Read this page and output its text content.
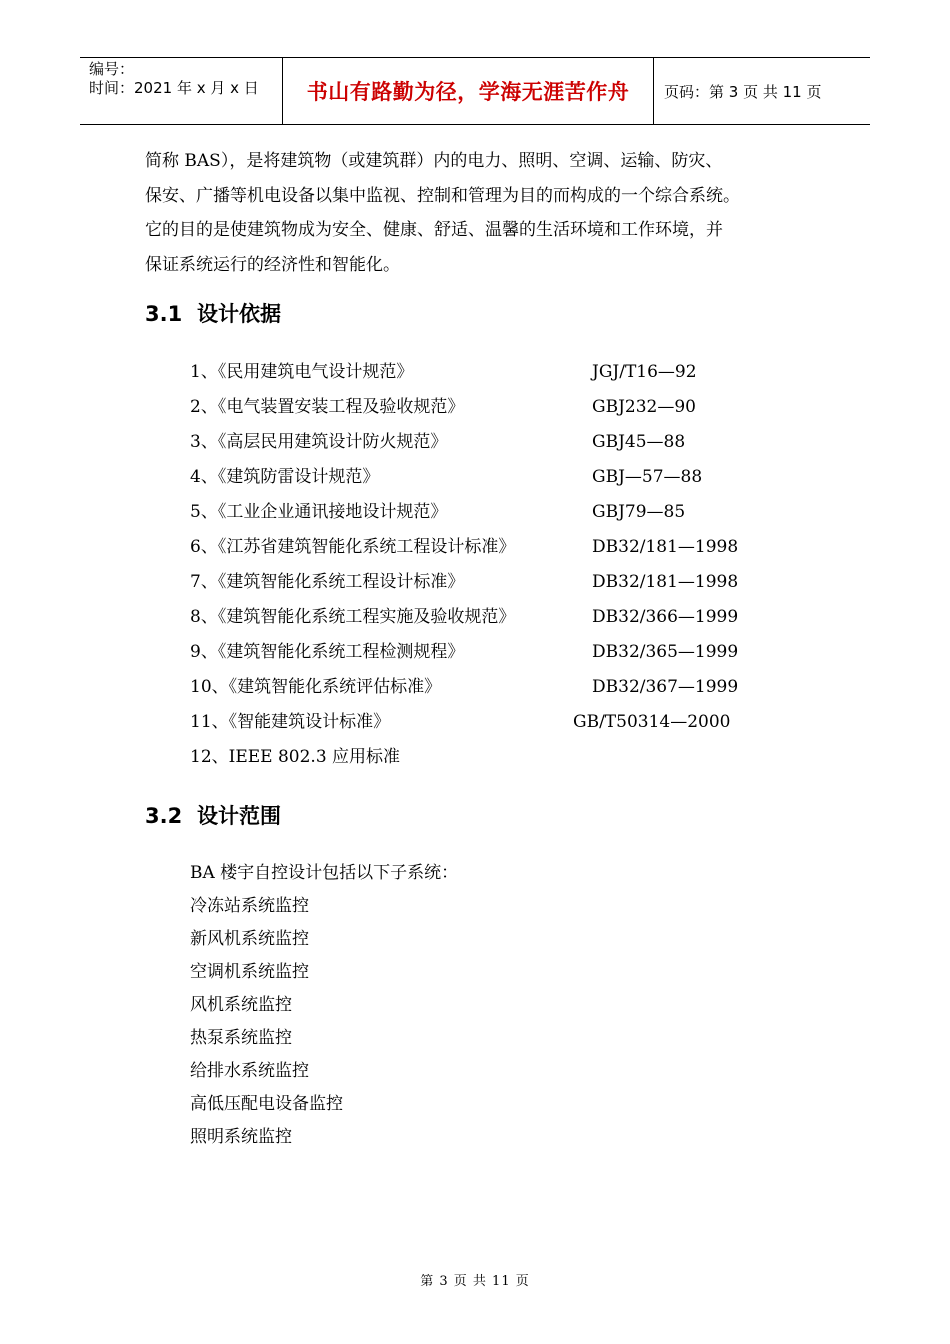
编号：
时间：2021 年 x 月 x 日	书山有路勤为径，学海无涯苦作舟	页码：第 3 页 共 11 页
简称 BAS），是将建筑物（或建筑群）内的电力、照明、空调、运输、防灾、
保安、广播等机电设备以集中监视、控制和管理为目的而构成的一个综合系统。
它的目的是使建筑物成为安全、健康、舒适、温馨的生活环境和工作环境，并
保证系统运行的经济性和智能化。
3.1 设计依据
1、《民用建筑电气设计规范》	JGJ/T16—92
2、《电气装置安装工程及验收规范》	GBJ232—90
3、《高层民用建筑设计防火规范》	GBJ45—88
4、《建筑防雷设计规范》	GBJ—57—88
5、《工业企业通讯接地设计规范》	GBJ79—85
6、《江苏省建筑智能化系统工程设计标准》	DB32/181—1998
7、《建筑智能化系统工程设计标准》	DB32/181—1998
8、《建筑智能化系统工程实施及验收规范》	DB32/366—1999
9、《建筑智能化系统工程检测规程》	DB32/365—1999
10、《建筑智能化系统评估标准》	DB32/367—1999
11、《智能建筑设计标准》	GB/T50314—2000
12、IEEE 802.3 应用标准
3.2 设计范围
BA 楼宇自控设计包括以下子系统：
冷冻站系统监控
新风机系统监控
空调机系统监控
风机系统监控
热泵系统监控
给排水系统监控
高低压配电设备监控
照明系统监控
第 3 页 共 11 页
